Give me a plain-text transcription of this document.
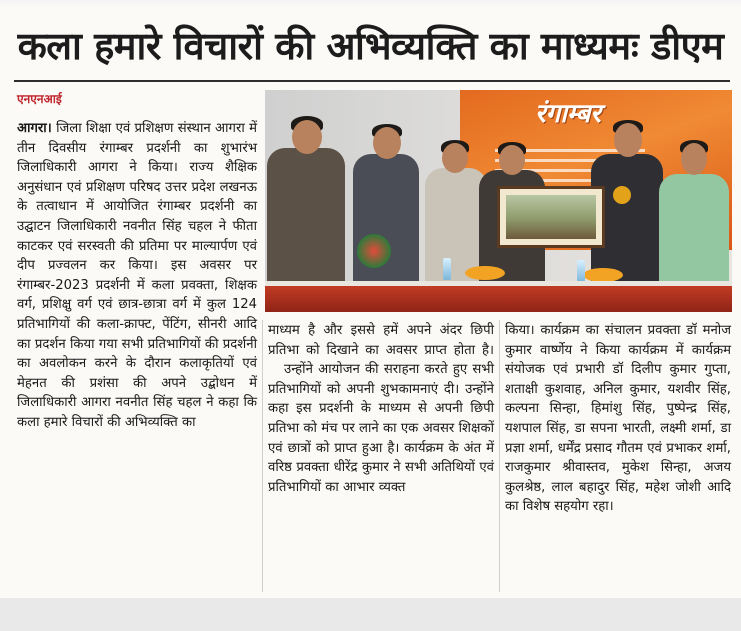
कला हमारे विचारों की अभिव्यक्ति का माध्यमः डीएम
एनएनआई

आगरा। जिला शिक्षा एवं प्रशिक्षण संस्थान आगरा में तीन दिवसीय रंगाम्बर प्रदर्शनी का शुभारंभ जिलाधिकारी आगरा ने किया। राज्य शैक्षिक अनुसंधान एवं प्रशिक्षण परिषद उत्तर प्रदेश लखनऊ के तत्वाधान में आयोजित रंगाम्बर प्रदर्शनी का उद्घाटन जिलाधिकारी नवनीत सिंह चहल ने फीता काटकर एवं सरस्वती की प्रतिमा पर माल्यार्पण एवं दीप प्रज्वलन कर किया। इस अवसर पर रंगाम्बर-2023 प्रदर्शनी में कला प्रवक्ता, शिक्षक वर्ग, प्रशिक्षु वर्ग एवं छात्र-छात्रा वर्ग में कुल 124 प्रतिभागियों की कला-क्राफ्ट, पेंटिंग, सीनरी आदि का प्रदर्शन किया गया सभी प्रतिभागियों की प्रदर्शनी का अवलोकन करने के दौरान कलाकृतियों एवं मेहनत की प्रशंसा की अपने उद्बोधन में जिलाधिकारी आगरा नवनीत सिंह चहल ने कहा कि कला हमारे विचारों की अभिव्यक्ति का

रंगाम्बर

माध्यम है और इससे हमें अपने अंदर छिपी प्रतिभा को दिखाने का अवसर प्राप्त होता है।

उन्होंने आयोजन की सराहना करते हुए सभी प्रतिभागियों को अपनी शुभकामनाएं दी। उन्होंने कहा इस प्रदर्शनी के माध्यम से अपनी छिपी प्रतिभा को मंच पर लाने का एक अवसर शिक्षकों एवं छात्रों को प्राप्त हुआ है। कार्यक्रम के अंत में वरिष्ठ प्रवक्ता धीरेंद्र कुमार ने सभी अतिथियों एवं प्रतिभागियों का आभार व्यक्त

किया। कार्यक्रम का संचालन प्रवक्ता डॉ मनोज कुमार वार्ष्णेय ने किया कार्यक्रम में कार्यक्रम संयोजक एवं प्रभारी डॉ दिलीप कुमार गुप्ता, शताक्षी कुशवाह, अनिल कुमार, यशवीर सिंह, कल्पना सिन्हा, हिमांशु सिंह, पुष्पेन्द्र सिंह, यशपाल सिंह, डा सपना भारती, लक्ष्मी शर्मा, डा प्रज्ञा शर्मा, धर्मेंद्र प्रसाद गौतम एवं प्रभाकर शर्मा, राजकुमार श्रीवास्तव, मुकेश सिन्हा, अजय कुलश्रेष्ठ, लाल बहादुर सिंह, महेश जोशी आदि का विशेष सहयोग रहा।
